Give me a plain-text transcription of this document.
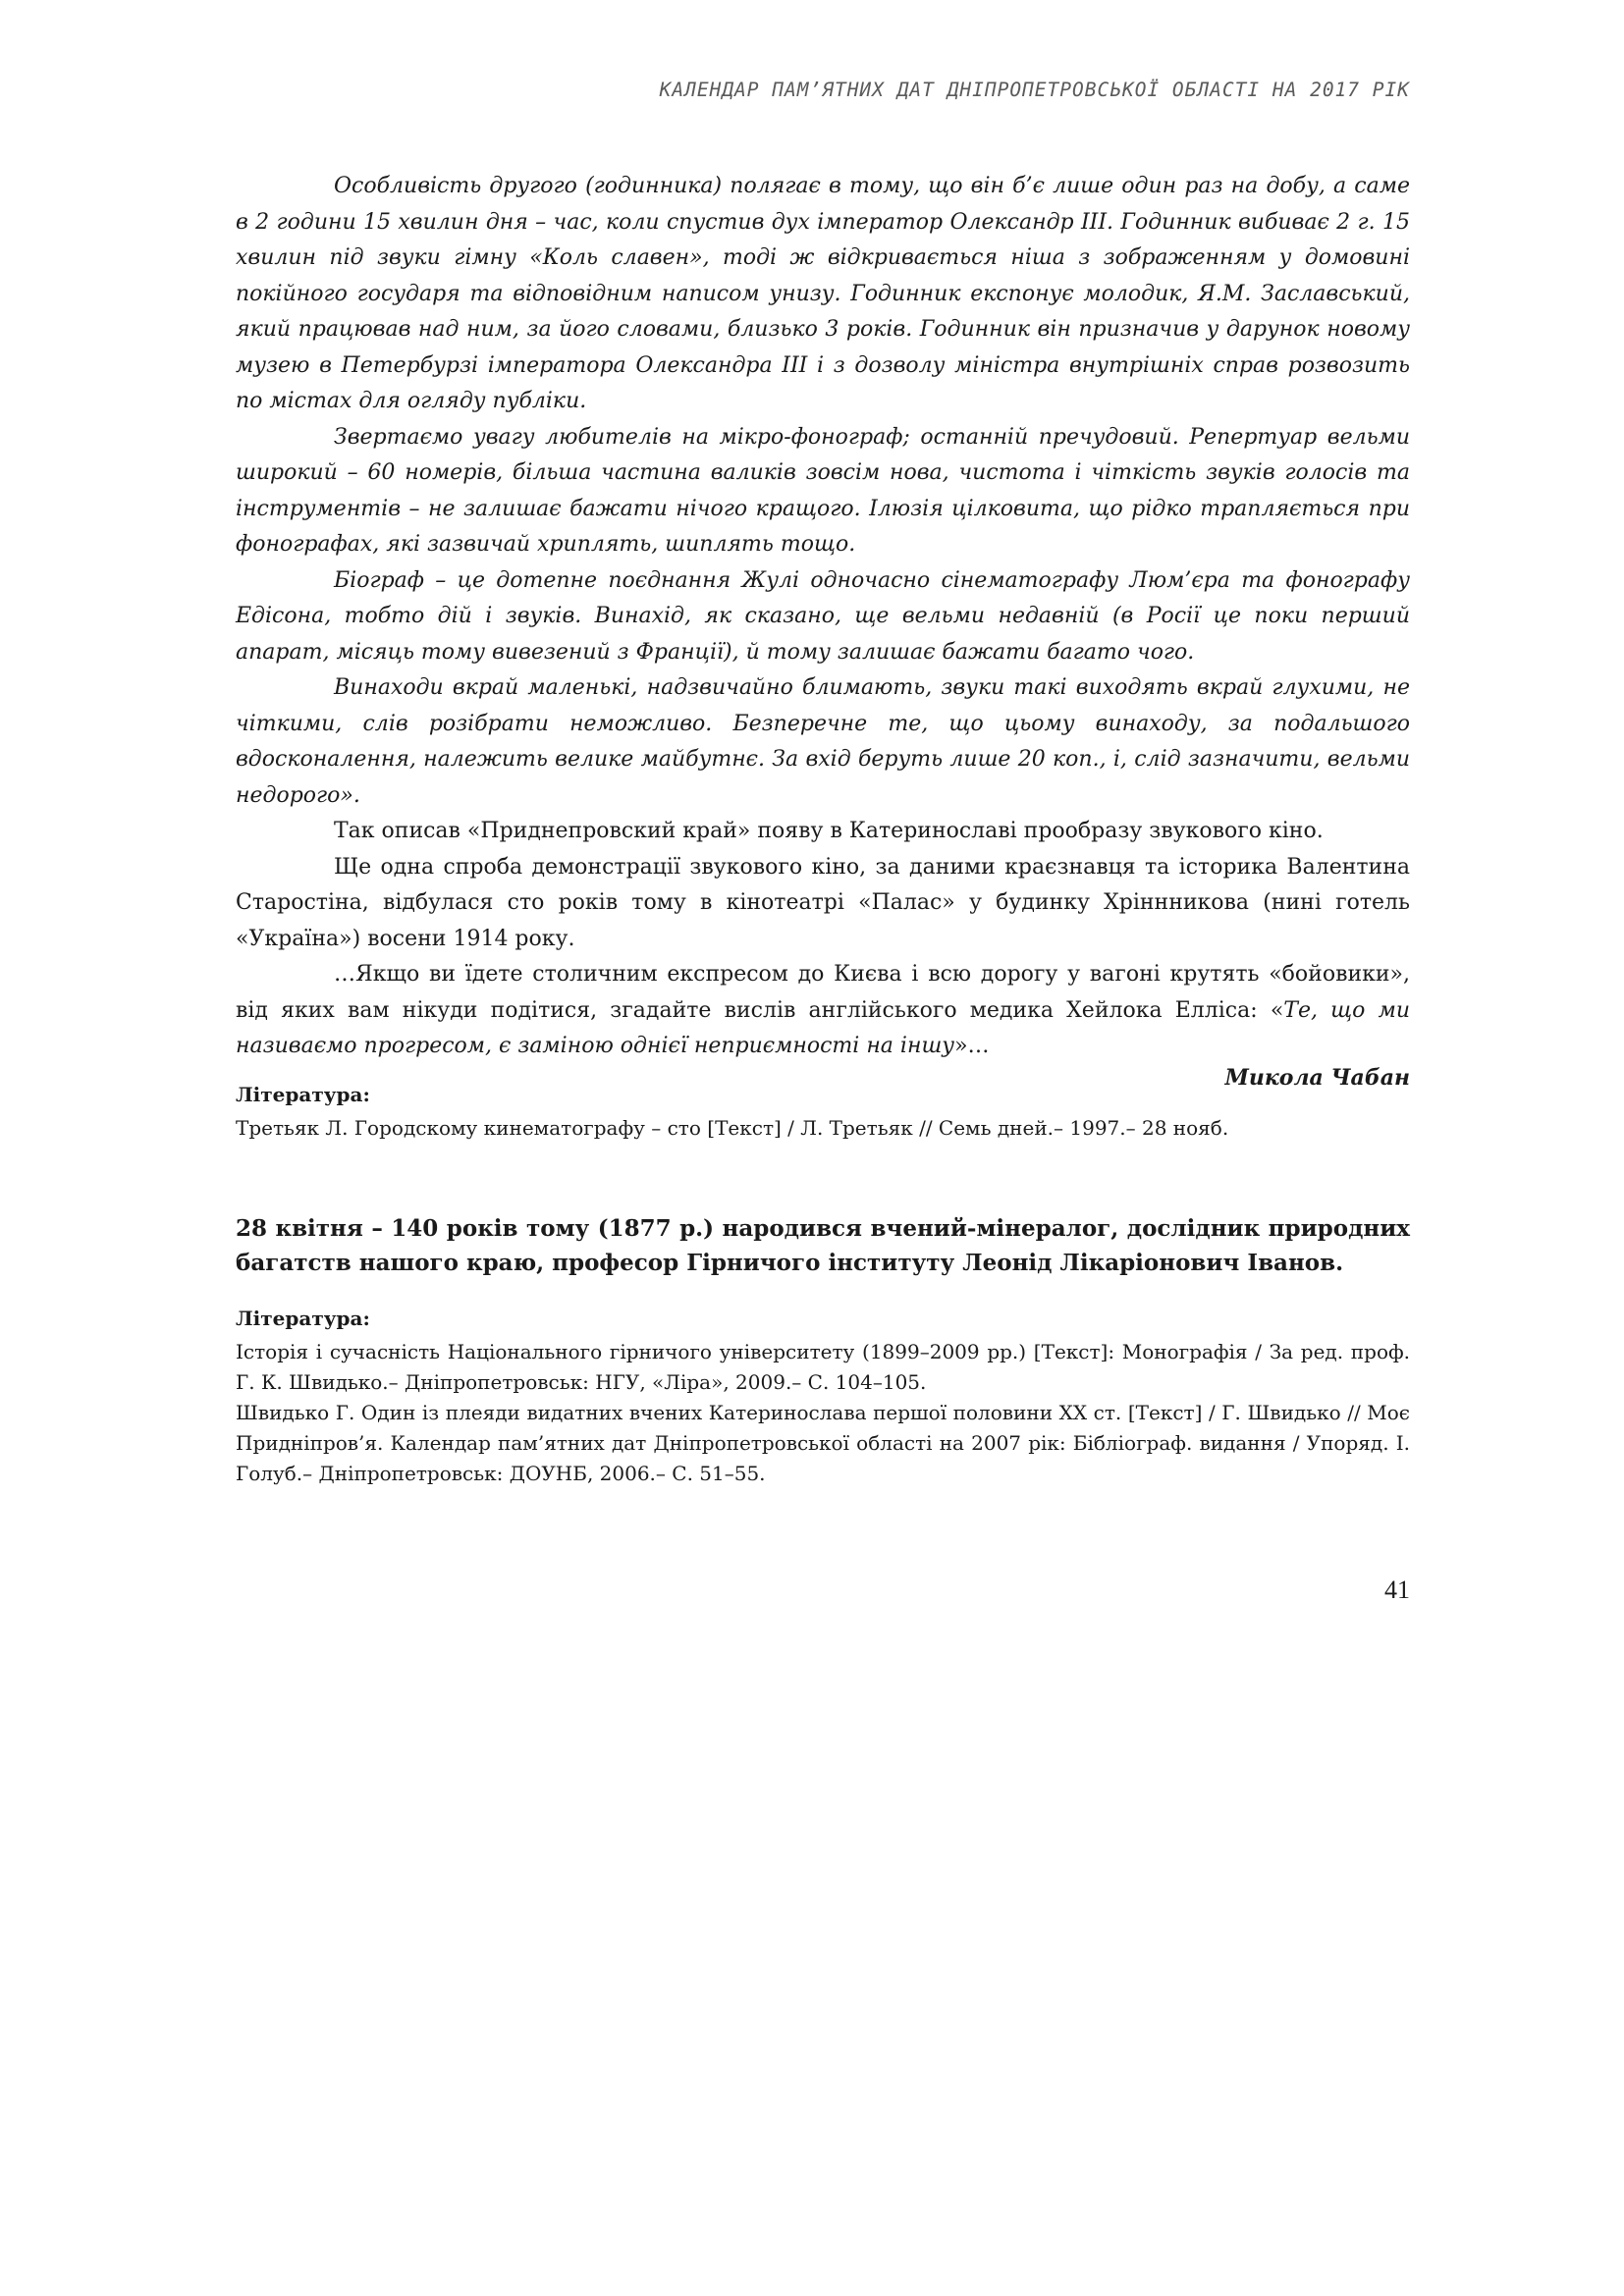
КАЛЕНДАР ПАМ’ЯТНИХ ДАТ ДНІПРОПЕТРОВСЬКОЇ ОБЛАСТІ НА 2017 РІК

Особливість другого (годинника) полягає в тому, що він б’є лише один раз на добу, а саме в 2 години 15 хвилин дня – час, коли спустив дух імператор Олександр ІІІ. Годинник вибиває 2 г. 15 хвилин під звуки гімну «Коль славен», тоді ж відкривається ніша з зображенням у домовині покійного государя та відповідним написом унизу. Годинник експонує молодик, Я.М. Заславський, який працював над ним, за його словами, близько 3 років. Годинник він призначив у дарунок новому музею в Петербурзі імператора Олександра ІІІ і з дозволу міністра внутрішніх справ розвозить по містах для огляду публіки.

Звертаємо увагу любителів на мікро-фонограф; останній пречудовий. Репертуар вельми широкий – 60 номерів, більша частина валиків зовсім нова, чистота і чіткість звуків голосів та інструментів – не залишає бажати нічого кращого. Ілюзія цілковита, що рідко трапляється при фонографах, які зазвичай хриплять, шиплять тощо.

Біограф – це дотепне поєднання Жулі одночасно сінематографу Люм’єра та фонографу Едісона, тобто дій і звуків. Винахід, як сказано, ще вельми недавній (в Росії це поки перший апарат, місяць тому вивезений з Франції), й тому залишає бажати багато чого.

Винаходи вкрай маленькі, надзвичайно блимають, звуки такі виходять вкрай глухими, не чіткими, слів розібрати неможливо. Безперечне те, що цьому винаходу, за подальшого вдосконалення, належить велике майбутнє. За вхід беруть лише 20 коп., і, слід зазначити, вельми недорого».

Так описав «Приднепровский край» появу в Катеринославі прообразу звукового кіно.

Ще одна спроба демонстрації звукового кіно, за даними краєзнавця та історика Валентина Старостіна, відбулася сто років тому в кінотеатрі «Палас» у будинку Хріннникова (нині готель «Україна») восени 1914 року.

…Якщо ви їдете столичним експресом до Києва і всю дорогу у вагоні крутять «бойовики», від яких вам нікуди подітися, згадайте вислів англійського медика Хейлока Елліса: «Те, що ми називаємо прогресом, є заміною однієї неприємності на іншу»…

Микола Чабан

Література:

Третьяк Л. Городскому кинематографу – сто [Текст] / Л. Третьяк // Семь дней.– 1997.– 28 нояб.

28 квітня – 140 років тому (1877 р.) народився вчений-мінералог, дослідник природних багатств нашого краю, професор Гірничого інституту Леонід Лікаріонович Іванов.

Література:

Історія і сучасність Національного гірничого університету (1899–2009 рр.) [Текст]: Монографія / За ред. проф. Г. К. Швидько.– Дніпропетровськ: НГУ, «Ліра», 2009.– С. 104–105.

Швидько Г. Один із плеяди видатних вчених Катеринослава першої половини ХХ ст. [Текст] / Г. Швидько // Моє Придніпров’я. Календар пам’ятних дат Дніпропетровської області на 2007 рік: Бібліограф. видання / Упоряд. І. Голуб.– Дніпропетровськ: ДОУНБ, 2006.– С. 51–55.

41
